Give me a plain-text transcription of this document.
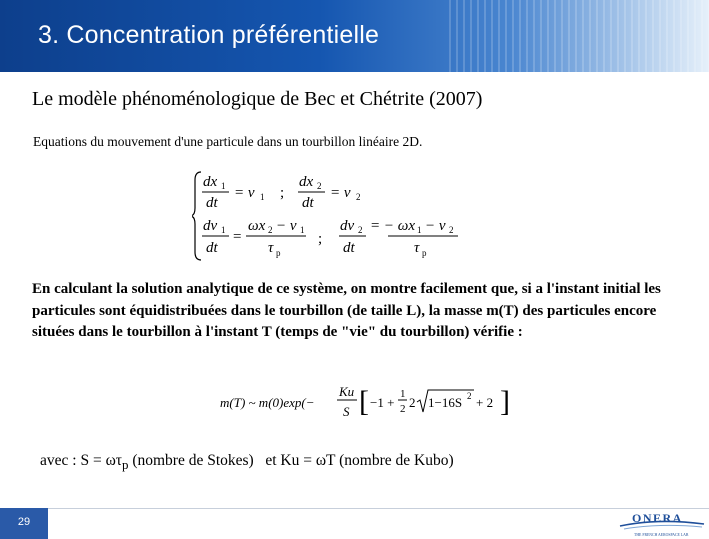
3. Concentration préférentielle
Le modèle phénoménologique de Bec et Chétrite (2007)
Equations du mouvement d'une particule dans un tourbillon linéaire 2D.
dx 1
dt
= v 1 ;
dx 2
dt
= v 2
dv 1
dt
=
ωx 2 − v 1
τ p
;
dv 2
dt
= − ωx 1 − v 2
τ p
En calculant la solution analytique de ce système, on montre facilement que, si a l'instant initial les particules sont équidistribuées dans le tourbillon (de taille L), la masse m(T) des particules encore situées dans le tourbillon à l'instant T (temps de "vie" du tourbillon) vérifie :
m(T) ~ m(0)exp(−
Ku
S [ −1 +
1
2 2 1−16S 2 + 2 ]
avec : $S = \omega\tau_p$ (nombre de Stokes)   et Ku = ωT (nombre de Kubo)
29	ONERA
THE FRENCH AEROSPACE LAB
